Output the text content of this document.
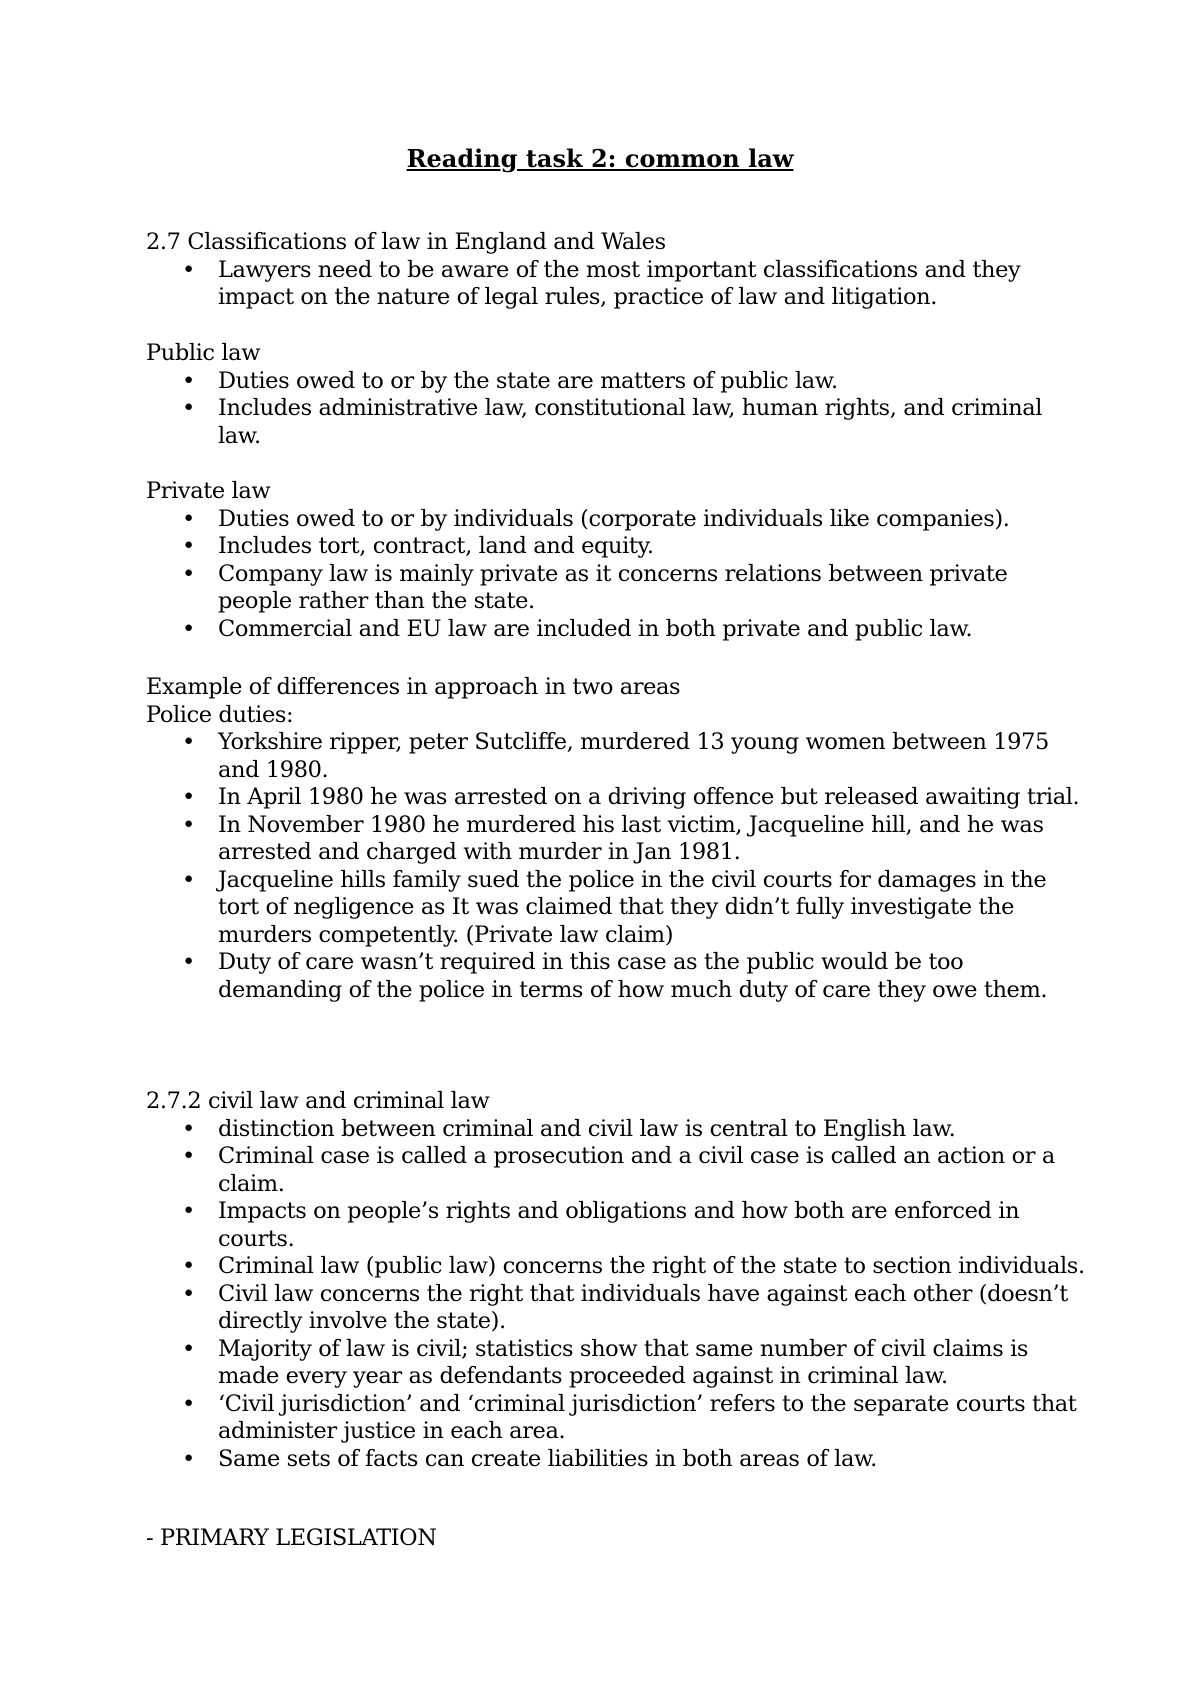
Reading task 2: common law
2.7 Classifications of law in England and Wales
• Lawyers need to be aware of the most important classifications and they impact on the nature of legal rules, practice of law and litigation.
Public law
• Duties owed to or by the state are matters of public law.
• Includes administrative law, constitutional law, human rights, and criminal law.
Private law
• Duties owed to or by individuals (corporate individuals like companies).
• Includes tort, contract, land and equity.
• Company law is mainly private as it concerns relations between private people rather than the state.
• Commercial and EU law are included in both private and public law.
Example of differences in approach in two areas
Police duties:
• Yorkshire ripper, peter Sutcliffe, murdered 13 young women between 1975 and 1980.
• In April 1980 he was arrested on a driving offence but released awaiting trial.
• In November 1980 he murdered his last victim, Jacqueline hill, and he was arrested and charged with murder in Jan 1981.
• Jacqueline hills family sued the police in the civil courts for damages in the tort of negligence as It was claimed that they didn’t fully investigate the murders competently. (Private law claim)
• Duty of care wasn’t required in this case as the public would be too demanding of the police in terms of how much duty of care they owe them.
2.7.2 civil law and criminal law
• distinction between criminal and civil law is central to English law.
• Criminal case is called a prosecution and a civil case is called an action or a claim.
• Impacts on people’s rights and obligations and how both are enforced in courts.
• Criminal law (public law) concerns the right of the state to section individuals.
• Civil law concerns the right that individuals have against each other (doesn’t directly involve the state).
• Majority of law is civil; statistics show that same number of civil claims is made every year as defendants proceeded against in criminal law.
• ‘Civil jurisdiction’ and ‘criminal jurisdiction’ refers to the separate courts that administer justice in each area.
• Same sets of facts can create liabilities in both areas of law.
- PRIMARY LEGISLATION
